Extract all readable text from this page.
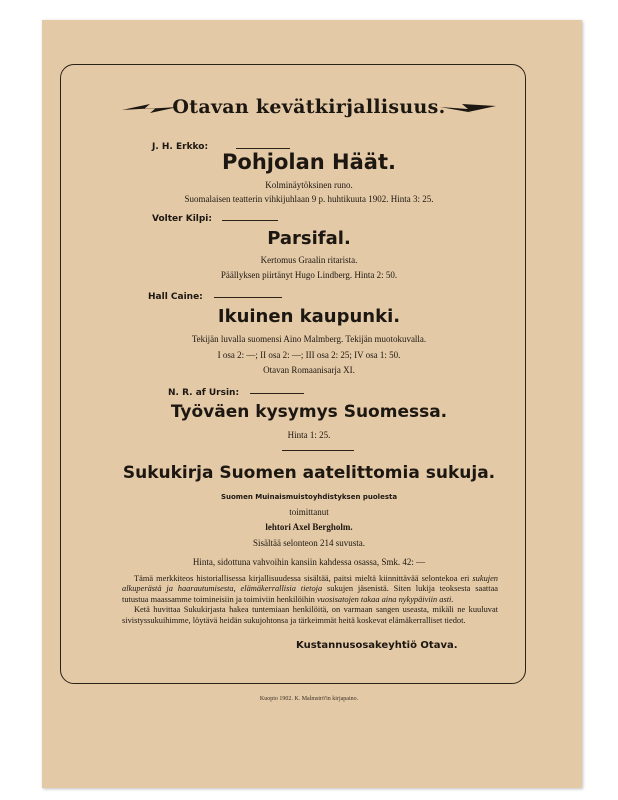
Otavan kevätkirjallisuus.
J. H. Erkko:
Pohjolan Häät.
Kolminäytöksinen runo.
Suomalaisen teatterin vihkijuhlaan 9 p. huhtikuuta 1902. Hinta 3: 25.
Volter Kilpi:
Parsifal.
Kertomus Graalin ritarista.
Päällyksen piirtänyt Hugo Lindberg. Hinta 2: 50.
Hall Caine:
Ikuinen kaupunki.
Tekijän luvalla suomensi Aino Malmberg. Tekijän muotokuvalla.
I osa 2: —; II osa 2: —; III osa 2: 25; IV osa 1: 50.
Otavan Romaanisarja XI.
N. R. af Ursin:
Työväen kysymys Suomessa.
Hinta 1: 25.
Sukukirja Suomen aatelittomia sukuja.
Suomen Muinaismuistoyhdistyksen puolesta
toimittanut
lehtori Axel Bergholm.
Sisältää selonteon 214 suvusta.
Hinta, sidottuna vahvoihin kansiin kahdessa osassa, Smk. 42: —

Tämä merkkiteos historiallisessa kirjallisuudessa sisältää, paitsi mieltä kiinnittävää selontekoa eri sukujen alkuperästä ja haarautumisesta, elämäkerrallisia tietoja sukujen jäsenistä. Siten lukija teoksesta saattaa tutustua maassamme toimineisiin ja toimiviin henkilöihin vuosisatojen takaa aina nykypäiviin asti.

Ketä huvittaa Sukukirjasta hakea tuntemiaan henkilöitä, on varmaan sangen useasta, mikäli ne kuuluvat sivistyssukuihimme, löytävä heidän sukujohtonsa ja tärkeimmät heitä koskevat elämäkerralliset tiedot.

Kustannusosakeyhtiö Otava.
Kuopio 1902. K. Malmströ'in kirjapaino.
